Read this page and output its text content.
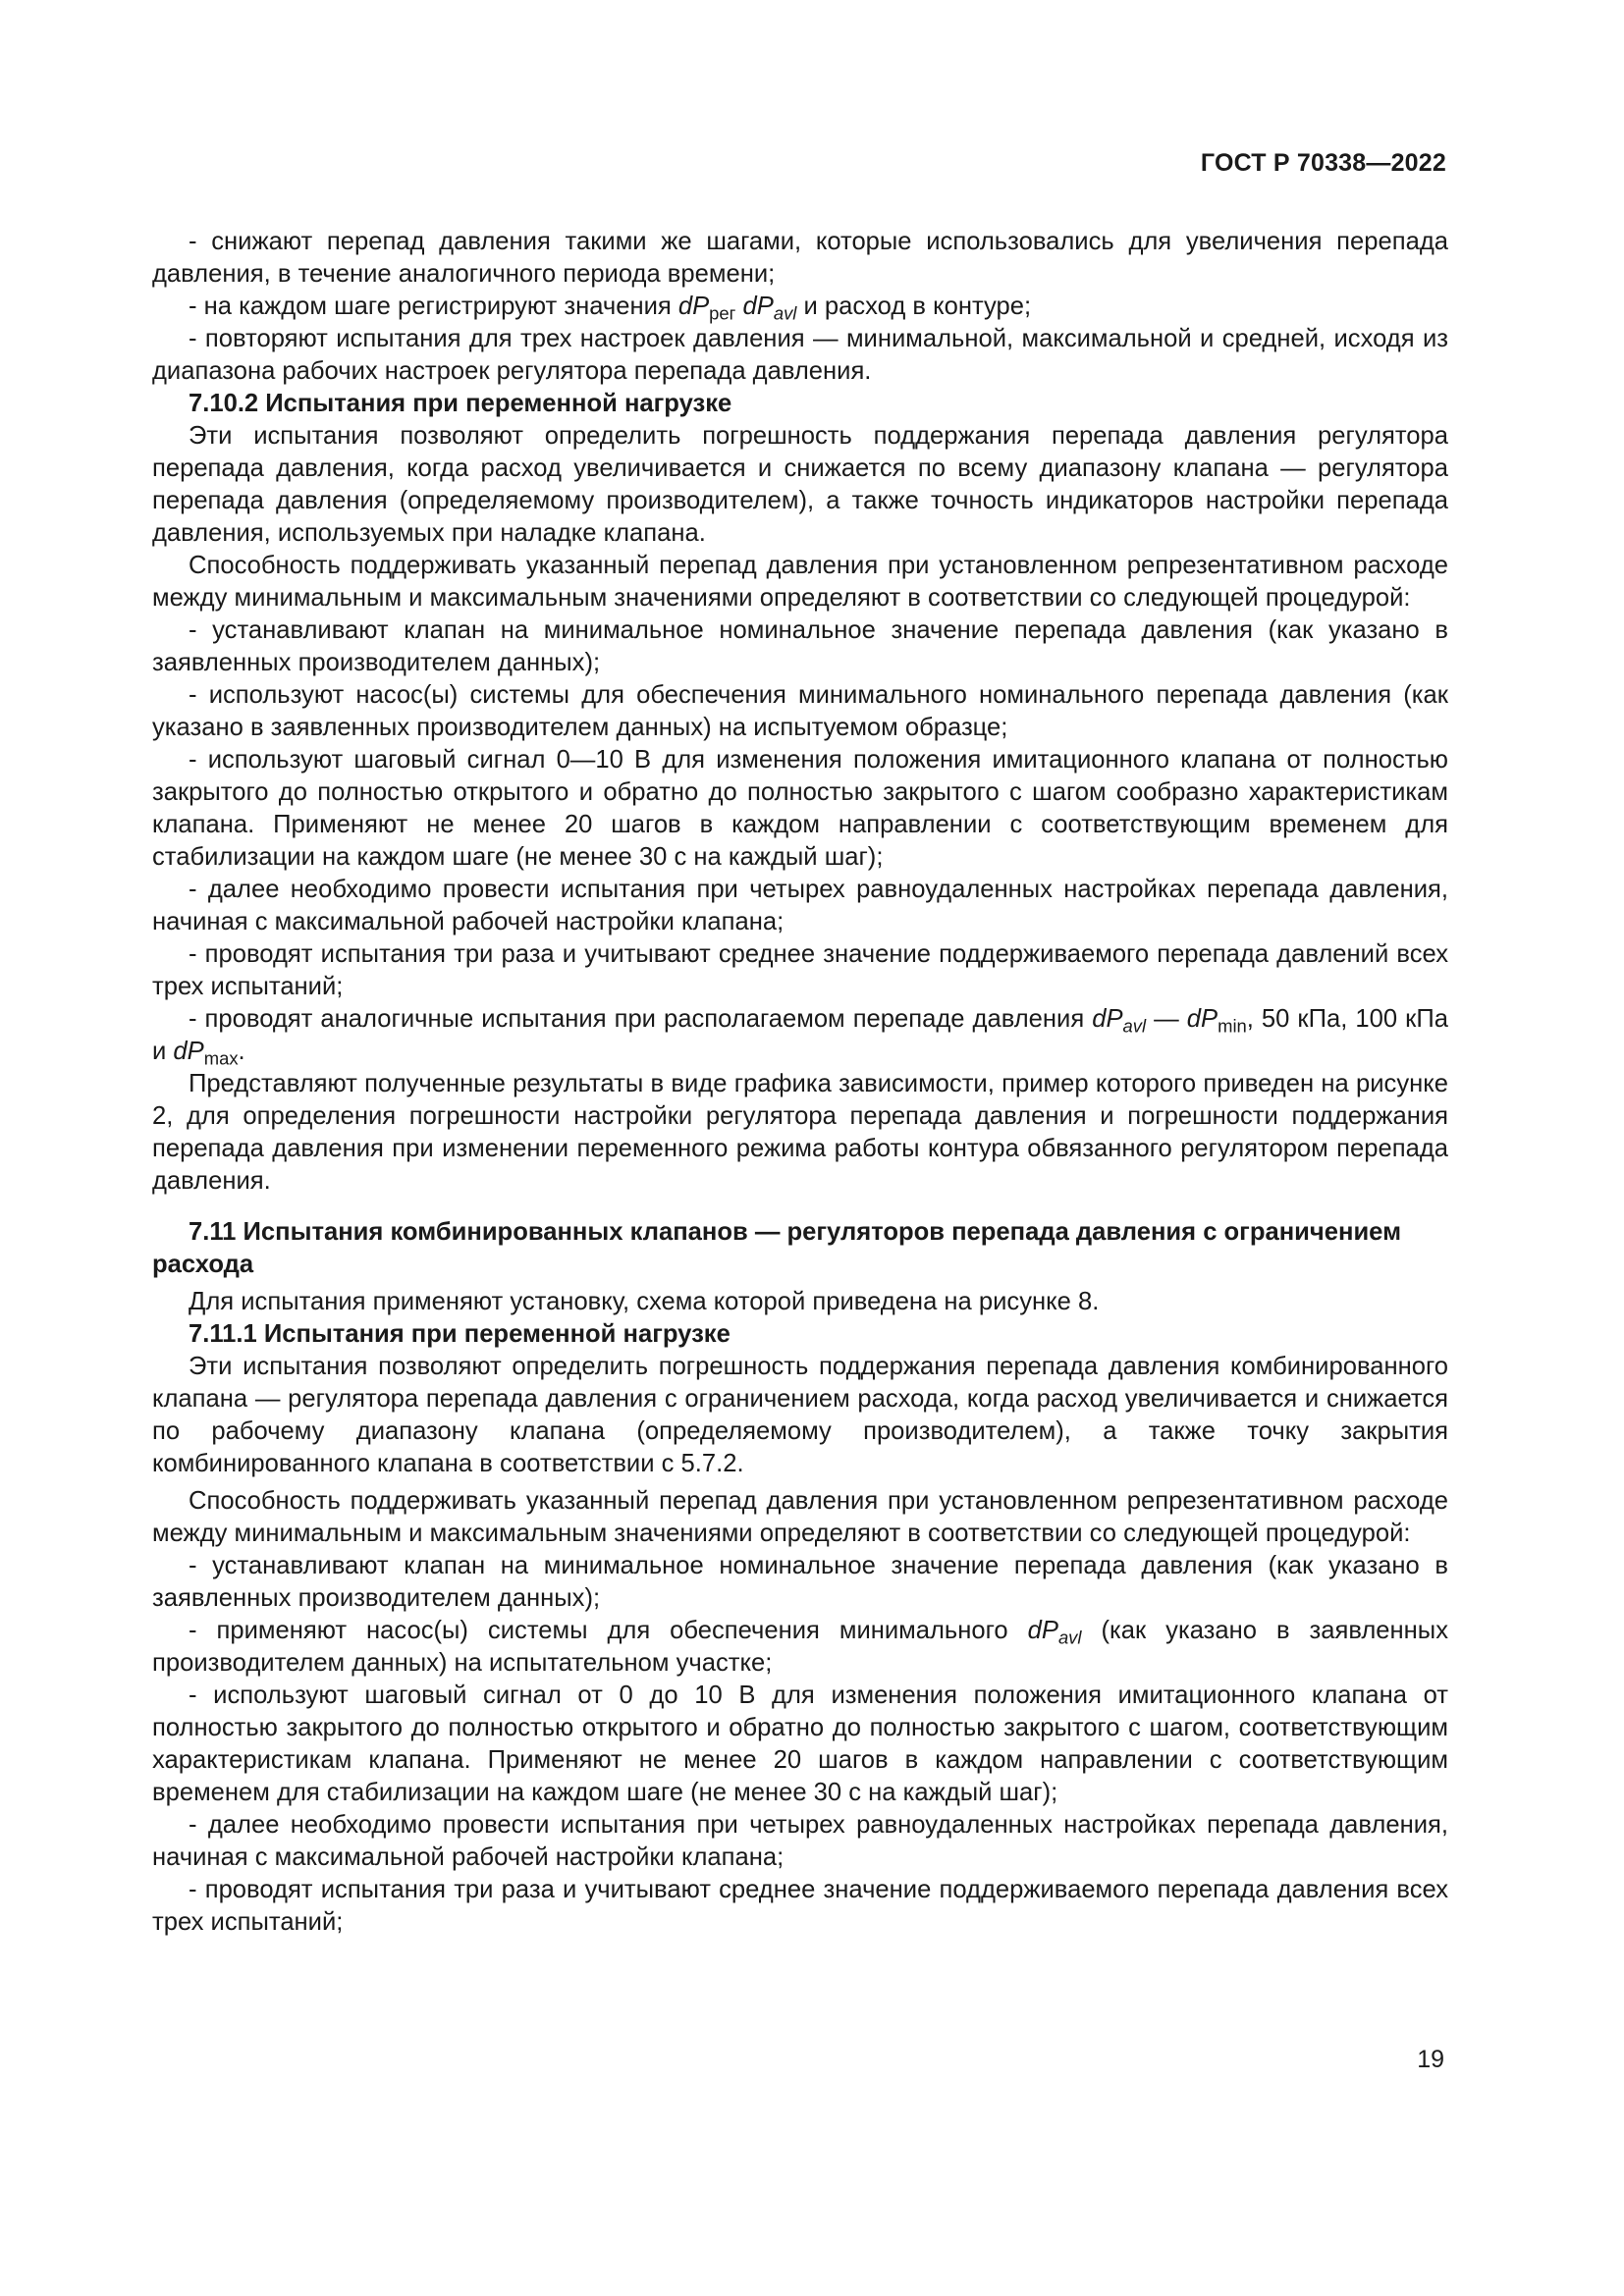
ГОСТ Р 70338—2022

- снижают перепад давления такими же шагами, которые использовались для увеличения перепада давления, в течение аналогичного периода времени;

- на каждом шаге регистрируют значения $dP_{рег}$ $dP_{avl}$ и расход в контуре;

- повторяют испытания для трех настроек давления — минимальной, максимальной и средней, исходя из диапазона рабочих настроек регулятора перепада давления.

7.10.2 Испытания при переменной нагрузке

Эти испытания позволяют определить погрешность поддержания перепада давления регулятора перепада давления, когда расход увеличивается и снижается по всему диапазону клапана — регулятора перепада давления (определяемому производителем), а также точность индикаторов настройки перепада давления, используемых при наладке клапана.

Способность поддерживать указанный перепад давления при установленном репрезентативном расходе между минимальным и максимальным значениями определяют в соответствии со следующей процедурой:

- устанавливают клапан на минимальное номинальное значение перепада давления (как указано в заявленных производителем данных);

- используют насос(ы) системы для обеспечения минимального номинального перепада давления (как указано в заявленных производителем данных) на испытуемом образце;

- используют шаговый сигнал 0—10 В для изменения положения имитационного клапана от полностью закрытого до полностью открытого и обратно до полностью закрытого с шагом сообразно характеристикам клапана. Применяют не менее 20 шагов в каждом направлении с соответствующим временем для стабилизации на каждом шаге (не менее 30 с на каждый шаг);

- далее необходимо провести испытания при четырех равноудаленных настройках перепада давления, начиная с максимальной рабочей настройки клапана;

- проводят испытания три раза и учитывают среднее значение поддерживаемого перепада давлений всех трех испытаний;

- проводят аналогичные испытания при располагаемом перепаде давления $dP_{avl}$ — $dP_{min}$, 50 кПа, 100 кПа и $dP_{max}$.

Представляют полученные результаты в виде графика зависимости, пример которого приведен на рисунке 2, для определения погрешности настройки регулятора перепада давления и погрешности поддержания перепада давления при изменении переменного режима работы контура обвязанного регулятором перепада давления.

7.11 Испытания комбинированных клапанов — регуляторов перепада давления с ограничением расхода

Для испытания применяют установку, схема которой приведена на рисунке 8.

7.11.1 Испытания при переменной нагрузке

Эти испытания позволяют определить погрешность поддержания перепада давления комбинированного клапана — регулятора перепада давления с ограничением расхода, когда расход увеличивается и снижается по рабочему диапазону клапана (определяемому производителем), а также точку закрытия комбинированного клапана в соответствии с 5.7.2.

Способность поддерживать указанный перепад давления при установленном репрезентативном расходе между минимальным и максимальным значениями определяют в соответствии со следующей процедурой:

- устанавливают клапан на минимальное номинальное значение перепада давления (как указано в заявленных производителем данных);

- применяют насос(ы) системы для обеспечения минимального $dP_{avl}$ (как указано в заявленных производителем данных) на испытательном участке;

- используют шаговый сигнал от 0 до 10 В для изменения положения имитационного клапана от полностью закрытого до полностью открытого и обратно до полностью закрытого с шагом, соответствующим характеристикам клапана. Применяют не менее 20 шагов в каждом направлении с соответствующим временем для стабилизации на каждом шаге (не менее 30 с на каждый шаг);

- далее необходимо провести испытания при четырех равноудаленных настройках перепада давления, начиная с максимальной рабочей настройки клапана;

- проводят испытания три раза и учитывают среднее значение поддерживаемого перепада давления всех трех испытаний;

19
